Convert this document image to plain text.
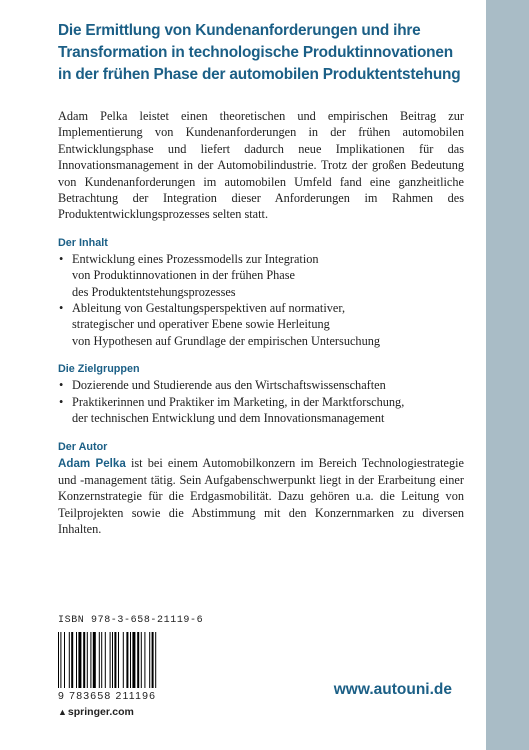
Die Ermittlung von Kundenanforderungen und ihre
Transformation in technologische Produktinnovationen
in der frühen Phase der automobilen Produktentstehung

Adam Pelka leistet einen theoretischen und empirischen Beitrag zur Implementierung von Kundenanforderungen in der frühen automobilen Entwicklungsphase und liefert dadurch neue Implikationen für das Innovationsmanagement in der Automobilindustrie. Trotz der großen Bedeutung von Kundenanforderungen im automobilen Umfeld fand eine ganzheitliche Betrachtung der Integration dieser Anforderungen im Rahmen des Produktentwicklungsprozesses selten statt.

Der Inhalt
• Entwicklung eines Prozessmodells zur Integration
von Produktinnovationen in der frühen Phase
des Produktentstehungsprozesses
• Ableitung von Gestaltungsperspektiven auf normativer,
strategischer und operativer Ebene sowie Herleitung
von Hypothesen auf Grundlage der empirischen Untersuchung
Die Zielgruppen
• Dozierende und Studierende aus den Wirtschaftswissenschaften
• Praktikerinnen und Praktiker im Marketing, in der Marktforschung,
der technischen Entwicklung und dem Innovationsmanagement
Der Autor

Adam Pelka ist bei einem Automobilkonzern im Bereich Technologiestrategie und -management tätig. Sein Aufgabenschwerpunkt liegt in der Erarbeitung einer Konzernstrategie für die Erdgasmobilität. Dazu gehören u.a. die Leitung von Teilprojekten sowie die Abstimmung mit den Konzernmarken zu diversen Inhalten.

ISBN 978-3-658-21119-6
9 783658 211196
▲springer.com
www.autouni.de
